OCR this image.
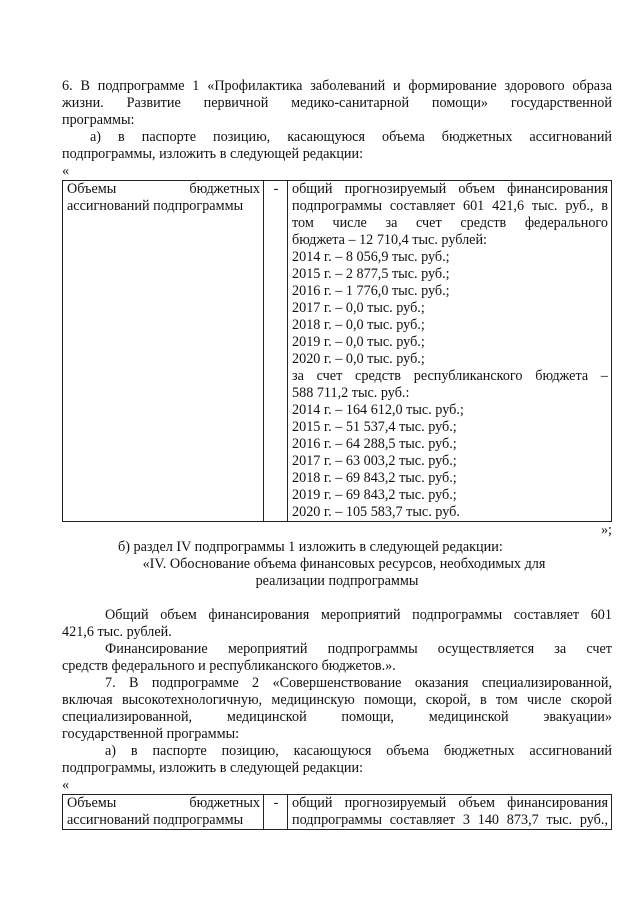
6. В подпрограмме 1 «Профилактика заболеваний и формирование здорового образа
жизни. Развитие первичной медико-санитарной помощи» государственной
программы:
а) в паспорте позицию, касающуюся объема бюджетных ассигнований
подпрограммы, изложить в следующей редакции:

«

Объемы бюджетных
ассигнований подпрограммы
	-	общий прогнозируемый объем финансирования
подпрограммы составляет 601 421,6 тыс. руб., в
том числе за счет средств федерального
бюджета – 12 710,4 тыс. рублей:
2014 г. – 8 056,9 тыс. руб.;
2015 г. – 2 877,5 тыс. руб.;
2016 г. – 1 776,0 тыс. руб.;
2017 г. – 0,0 тыс. руб.;
2018 г. – 0,0 тыс. руб.;
2019 г. – 0,0 тыс. руб.;
2020 г. – 0,0 тыс. руб.;
за счет средств республиканского бюджета –
588 711,2 тыс. руб.:
2014 г. – 164 612,0 тыс. руб.;
2015 г. – 51 537,4 тыс. руб.;
2016 г. – 64 288,5 тыс. руб.;
2017 г. – 63 003,2 тыс. руб.;
2018 г. – 69 843,2 тыс. руб.;
2019 г. – 69 843,2 тыс. руб.;
2020 г. – 105 583,7 тыс. руб.

»;

б) раздел IV подпрограммы 1 изложить в следующей редакции:

«IV. Обоснование объема финансовых ресурсов, необходимых для

реализации подпрограммы

Общий объем финансирования мероприятий подпрограммы составляет 601
421,6 тыс. рублей.
Финансирование мероприятий подпрограммы осуществляется за счет
средств федерального и республиканского бюджетов.».
7. В подпрограмме 2 «Совершенствование оказания специализированной,
включая высокотехнологичную, медицинскую помощи, скорой, в том числе скорой
специализированной, медицинской помощи, медицинской эвакуации»
государственной программы:
а) в паспорте позицию, касающуюся объема бюджетных ассигнований
подпрограммы, изложить в следующей редакции:

«

Объемы бюджетных
ассигнований подпрограммы
	-	общий прогнозируемый объем финансирования
подпрограммы составляет 3 140 873,7 тыс. руб.,
